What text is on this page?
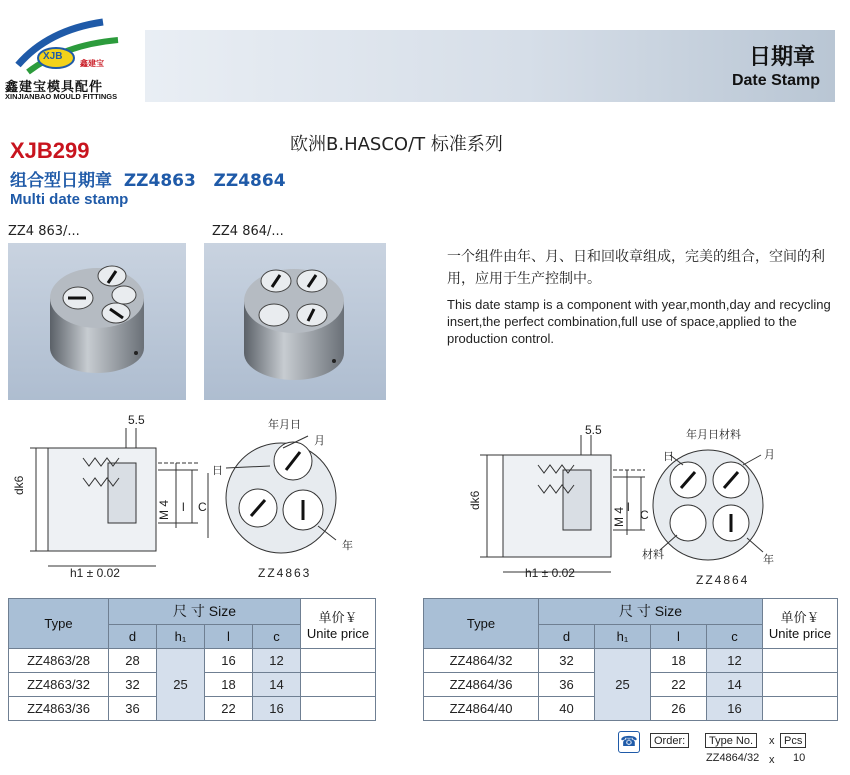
XJB
鑫建宝
鑫建宝模具配件
XINJIANBAO MOULD FITTINGS
日期章
Date Stamp
XJB299	欧洲B.HASCO/T 标准系列
组合型日期章  ZZ4863   ZZ4864
Multi date stamp
ZZ4 863/...	ZZ4 864/...
一个组件由年、月、日和回收章组成，完美的组合，空间的利用，应用于生产控制中。
This date stamp is a component with year,month,day and recycling insert,the perfect combination,full use of space,applied to the production control.
5.5
dk6
h1 ± 0.02
M 4 l C
年月日
日
月
年
ZZ4863
5.5
dk6
h1 ± 0.02
M 4 l
C
年月日材料
日	月
材料	年
ZZ4864
Type	尺 寸 Size				单价￥
Unite price

	d	h₁	l	c	
ZZ4863/28	28	25	16	12	
ZZ4863/32	32		18	14	
ZZ4863/36	36		22	16	
Type	尺 寸 Size				单价￥
Unite price

	d	h₁	l	c	
ZZ4864/32	32	25	18	12	
ZZ4864/36	36		22	14	
ZZ4864/40	40		26	16	
☎	Order:	Type No.	x Pcs
ZZ4864/32 x 10
